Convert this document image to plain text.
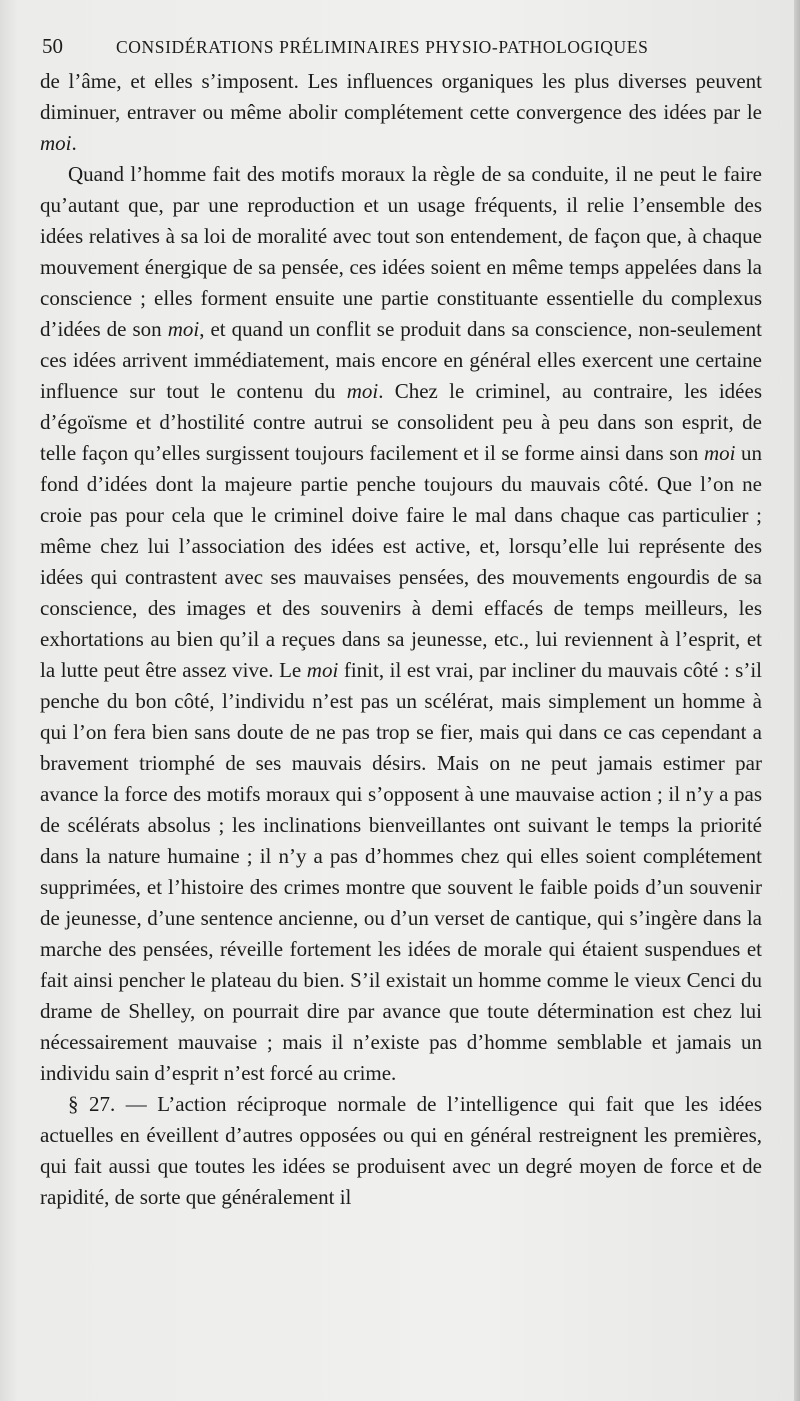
50	CONSIDÉRATIONS PRÉLIMINAIRES PHYSIO-PATHOLOGIQUES

de l’âme, et elles s’imposent. Les influences organiques les plus diverses peuvent diminuer, entraver ou même abolir complétement cette convergence des idées par le moi.

Quand l’homme fait des motifs moraux la règle de sa conduite, il ne peut le faire qu’autant que, par une reproduction et un usage fréquents, il relie l’ensemble des idées relatives à sa loi de moralité avec tout son entendement, de façon que, à chaque mouvement énergique de sa pensée, ces idées soient en même temps appelées dans la conscience ; elles forment ensuite une partie constituante essentielle du complexus d’idées de son moi, et quand un conflit se produit dans sa conscience, non-seulement ces idées arrivent immédiatement, mais encore en général elles exercent une certaine influence sur tout le contenu du moi. Chez le criminel, au contraire, les idées d’égoïsme et d’hostilité contre autrui se consolident peu à peu dans son esprit, de telle façon qu’elles surgissent toujours facilement et il se forme ainsi dans son moi un fond d’idées dont la majeure partie penche toujours du mauvais côté. Que l’on ne croie pas pour cela que le criminel doive faire le mal dans chaque cas particulier ; même chez lui l’association des idées est active, et, lorsqu’elle lui représente des idées qui contrastent avec ses mauvaises pensées, des mouvements engourdis de sa conscience, des images et des souvenirs à demi effacés de temps meilleurs, les exhortations au bien qu’il a reçues dans sa jeunesse, etc., lui reviennent à l’esprit, et la lutte peut être assez vive. Le moi finit, il est vrai, par incliner du mauvais côté : s’il penche du bon côté, l’individu n’est pas un scélérat, mais simplement un homme à qui l’on fera bien sans doute de ne pas trop se fier, mais qui dans ce cas cependant a bravement triomphé de ses mauvais désirs. Mais on ne peut jamais estimer par avance la force des motifs moraux qui s’opposent à une mauvaise action ; il n’y a pas de scélérats absolus ; les inclinations bienveillantes ont suivant le temps la priorité dans la nature humaine ; il n’y a pas d’hommes chez qui elles soient complétement supprimées, et l’histoire des crimes montre que souvent le faible poids d’un souvenir de jeunesse, d’une sentence ancienne, ou d’un verset de cantique, qui s’ingère dans la marche des pensées, réveille fortement les idées de morale qui étaient suspendues et fait ainsi pencher le plateau du bien. S’il existait un homme comme le vieux Cenci du drame de Shelley, on pourrait dire par avance que toute détermination est chez lui nécessairement mauvaise ; mais il n’existe pas d’homme semblable et jamais un individu sain d’esprit n’est forcé au crime.

§ 27. — L’action réciproque normale de l’intelligence qui fait que les idées actuelles en éveillent d’autres opposées ou qui en général restreignent les premières, qui fait aussi que toutes les idées se produisent avec un degré moyen de force et de rapidité, de sorte que généralement il
